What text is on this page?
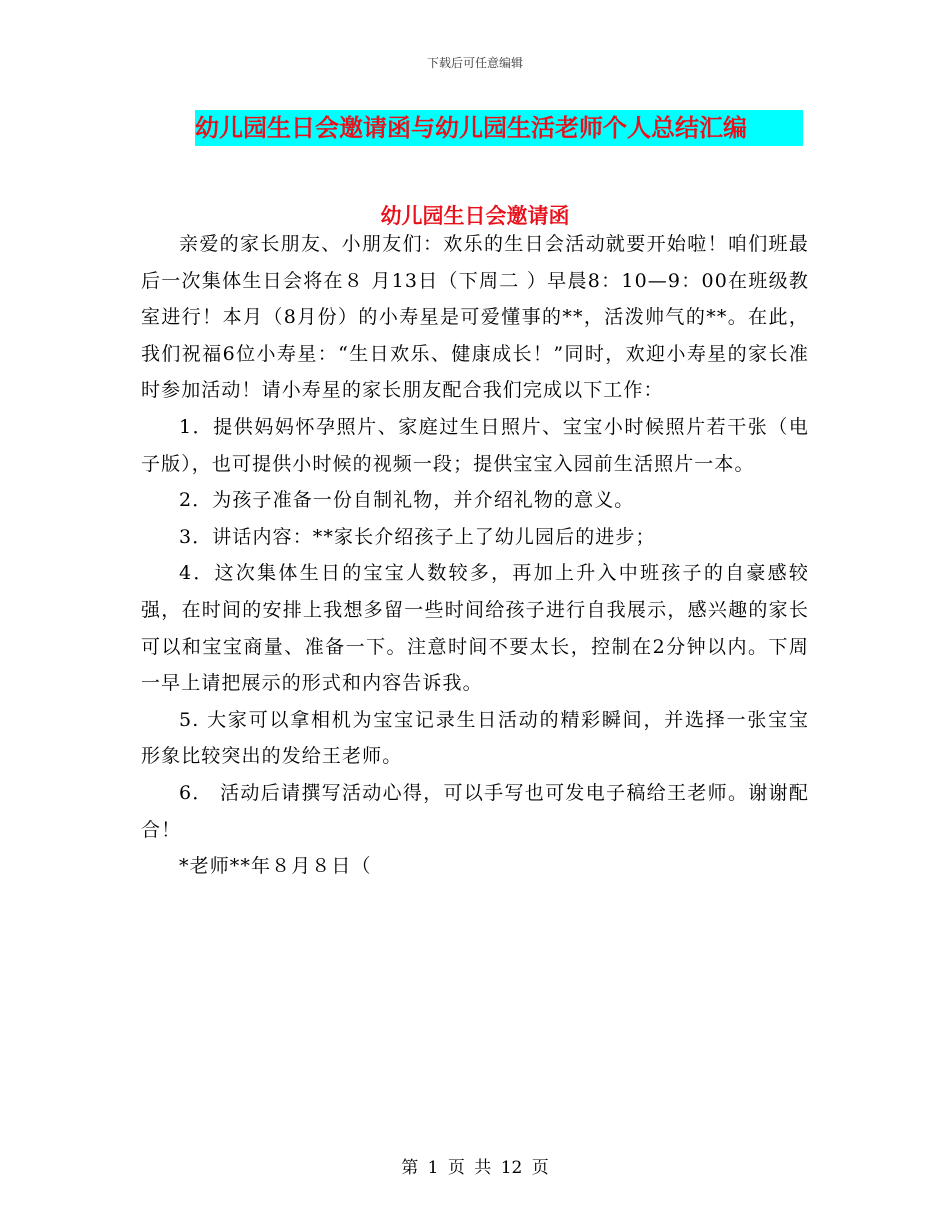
下载后可任意编辑
幼儿园生日会邀请函与幼儿园生活老师个人总结汇编
幼儿园生日会邀请函

亲爱的家长朋友、小朋友们：欢乐的生日会活动就要开始啦！咱们班最后一次集体生日会将在８ 月13日（下周二 ）早晨8：10—9：00在班级教室进行！本月（8月份）的小寿星是可爱懂事的**，活泼帅气的**。在此，我们祝福6位小寿星：“生日欢乐、健康成长！”同时，欢迎小寿星的家长准时参加活动！请小寿星的家长朋友配合我们完成以下工作：

1．提供妈妈怀孕照片、家庭过生日照片、宝宝小时候照片若干张（电子版），也可提供小时候的视频一段；提供宝宝入园前生活照片一本。

2．为孩子准备一份自制礼物，并介绍礼物的意义。

3．讲话内容：**家长介绍孩子上了幼儿园后的进步；

4．这次集体生日的宝宝人数较多，再加上升入中班孩子的自豪感较强，在时间的安排上我想多留一些时间给孩子进行自我展示，感兴趣的家长可以和宝宝商量、准备一下。注意时间不要太长，控制在2分钟以内。下周一早上请把展示的形式和内容告诉我。

5. 大家可以拿相机为宝宝记录生日活动的精彩瞬间，并选择一张宝宝形象比较突出的发给王老师。

6． 活动后请撰写活动心得，可以手写也可发电子稿给王老师。谢谢配合！

*老师**年８月８日（

第 1 页 共 12 页
